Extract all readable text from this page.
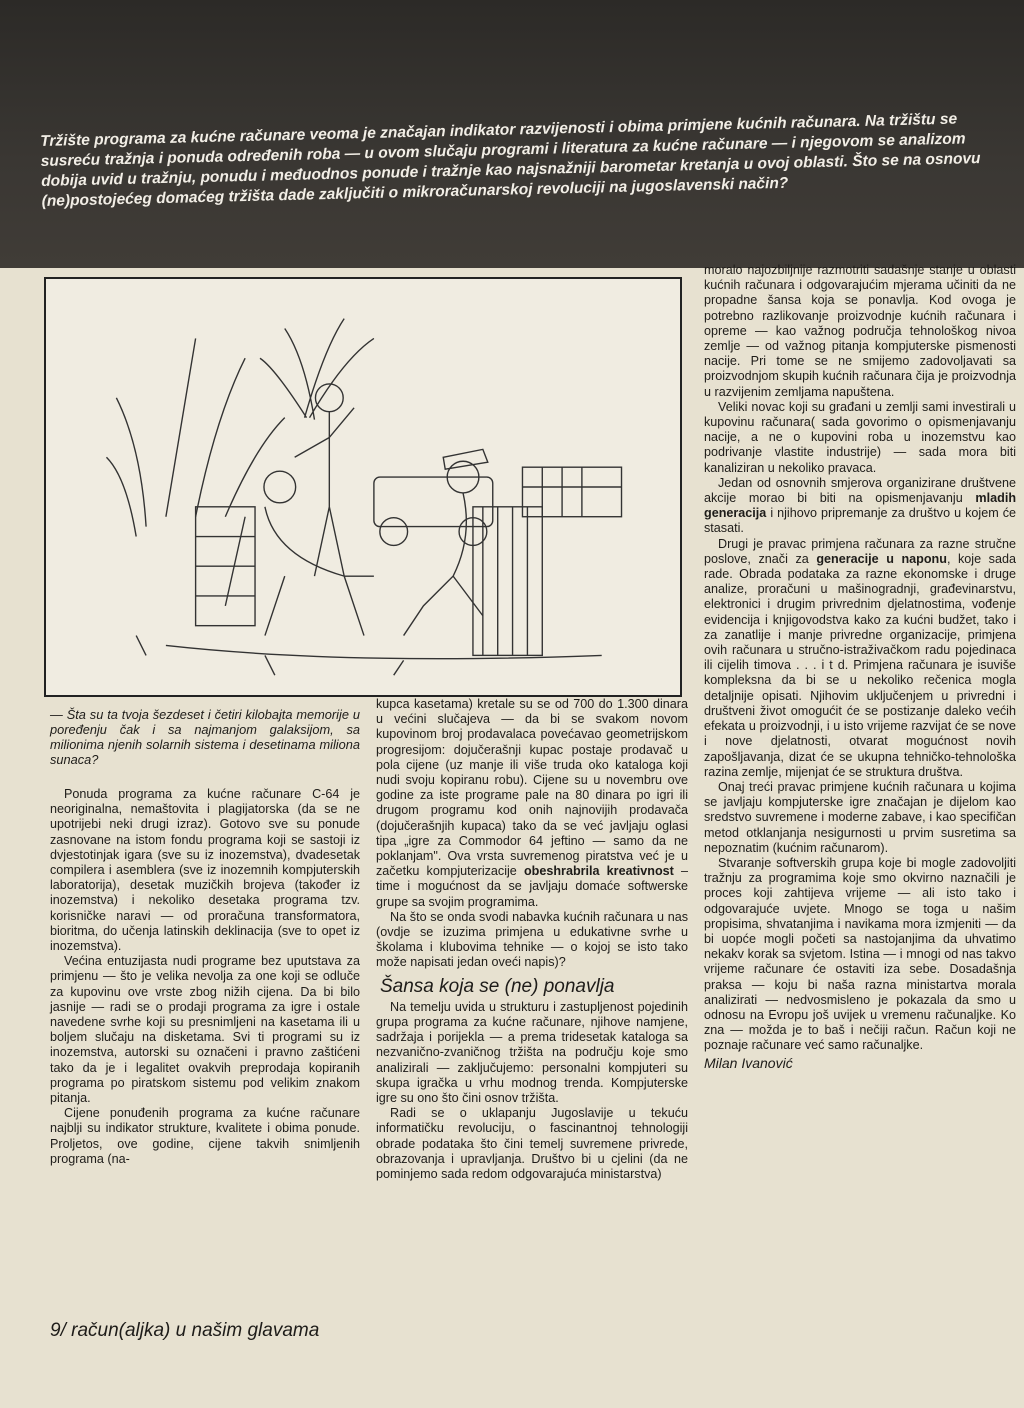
Tržište programa za kućne računare veoma je značajan indikator razvijenosti i obima primjene kućnih računara. Na tržištu se susreću tražnja i ponuda određenih roba — u ovom slučaju programi i literatura za kućne računare — i njegovom se analizom dobija uvid u tražnju, ponudu i međuodnos ponude i tražnje kao najsnažniji barometar kretanja u ovoj oblasti. Što se na osnovu (ne)postojećeg domaćeg tržišta dade zaključiti o mikroračunarskoj revoluciji na jugoslavenski način?

— Šta su ta tvoja šezdeset i četiri kilobajta memorije u poređenju čak i sa najmanjom galaksijom, sa milionima njenih solarnih sistema i desetinama miliona sunaca?

Ponuda programa za kućne računare C-64 je neoriginalna, nemaštovita i plagijatorska (da se ne upotrijebi neki drugi izraz). Gotovo sve su ponude zasnovane na istom fondu programa koji se sastoji iz dvjestotinjak igara (sve su iz inozemstva), dvadesetak compilera i asemblera (sve iz inozemnih kompjuterskih laboratorija), desetak muzičkih brojeva (također iz inozemstva) i nekoliko desetaka programa tzv. korisničke naravi — od proračuna transformatora, bioritma, do učenja latinskih deklinacija (sve to opet iz inozemstva).

Većina entuzijasta nudi programe bez uputstava za primjenu — što je velika nevolja za one koji se odluče za kupovinu ove vrste zbog nižih cijena. Da bi bilo jasnije — radi se o prodaji programa za igre i ostale navedene svrhe koji su presnimljeni na kasetama ili u boljem slučaju na disketama. Svi ti programi su iz inozemstva, autorski su označeni i pravno zaštićeni tako da je i legalitet ovakvih preprodaja kopiranih programa po piratskom sistemu pod velikim znakom pitanja.

Cijene ponuđenih programa za kućne računare najblji su indikator strukture, kvalitete i obima ponude. Proljetos, ove godine, cijene takvih snimljenih programa (na-

kupca kasetama) kretale su se od 700 do 1.300 dinara u većini slučajeva — da bi se svakom novom kupovinom broj prodavalaca povećavao geometrijskom progresijom: dojučerašnji kupac postaje prodavač u pola cijene (uz manje ili više truda oko kataloga koji nudi svoju kopiranu robu). Cijene su u novembru ove godine za iste programe pale na 80 dinara po igri ili drugom programu kod onih najnovijih prodavača (dojučerašnjih kupaca) tako da se već javljaju oglasi tipa „igre za Commodor 64 jeftino — samo da ne poklanjam". Ova vrsta suvremenog piratstva već je u začetku kompjuterizacije obeshrabrila kreativnost – time i mogućnost da se javljaju domaće softwerske grupe sa svojim programima.

Na što se onda svodi nabavka kućnih računara u nas (ovdje se izuzima primjena u edukativne svrhe u školama i klubovima tehnike — o kojoj se isto tako može napisati jedan oveći napis)?

Šansa koja se (ne) ponavlja

Na temelju uvida u strukturu i zastupljenost pojedinih grupa programa za kućne računare, njihove namjene, sadržaja i porijekla — a prema tridesetak kataloga sa nezvanično-zvaničnog tržišta na području koje smo analizirali — zaključujemo: personalni kompjuteri su skupa igračka u vrhu modnog trenda. Kompjuterske igre su ono što čini osnov tržišta.

Radi se o uklapanju Jugoslavije u tekuću informatičku revoluciju, o fascinantnoj tehnologiji obrade podataka što čini temelj suvremene privrede, obrazovanja i upravljanja. Društvo bi u cjelini (da ne pominjemo sada redom odgovarajuća ministarstva)

moralo najozbiljnije razmotriti sadašnje stanje u oblasti kućnih računara i odgovarajućim mjerama učiniti da ne propadne šansa koja se ponavlja. Kod ovoga je potrebno razlikovanje proizvodnje kućnih računara i opreme — kao važnog područja tehnološkog nivoa zemlje — od važnog pitanja kompjuterske pismenosti nacije. Pri tome se ne smijemo zadovoljavati sa proizvodnjom skupih kućnih računara čija je proizvodnja u razvijenim zemljama napuštena.

Veliki novac koji su građani u zemlji sami investirali u kupovinu računara( sada govorimo o opismenjavanju nacije, a ne o kupovini roba u inozemstvu kao podrivanje vlastite industrije) — sada mora biti kanaliziran u nekoliko pravaca.

Jedan od osnovnih smjerova organizirane društvene akcije morao bi biti na opismenjavanju mladih generacija i njihovo pripremanje za društvo u kojem će stasati.

Drugi je pravac primjena računara za razne stručne poslove, znači za generacije u naponu, koje sada rade. Obrada podataka za razne ekonomske i druge analize, proračuni u mašinogradnji, građevinarstvu, elektronici i drugim privrednim djelatnostima, vođenje evidencija i knjigovodstva kako za kućni budžet, tako i za zanatlije i manje privredne organizacije, primjena ovih računara u stručno-istraživačkom radu pojedinaca ili cijelih timova . . . i t d. Primjena računara je isuviše kompleksna da bi se u nekoliko rečenica mogla detaljnije opisati. Njihovim uključenjem u privredni i društveni život omogućit će se postizanje daleko većih efekata u proizvodnji, i u isto vrijeme razvijat će se nove i nove djelatnosti, otvarat mogućnost novih zapošljavanja, dizat će se ukupna tehničko-tehnološka razina zemlje, mijenjat će se struktura društva.

Onaj treći pravac primjene kućnih računara u kojima se javljaju kompjuterske igre značajan je dijelom kao sredstvo suvremene i moderne zabave, i kao specifičan metod otklanjanja nesigurnosti u prvim susretima sa nepoznatim (kućnim računarom).

Stvaranje softverskih grupa koje bi mogle zadovoljiti tražnju za programima koje smo okvirno naznačili je proces koji zahtijeva vrijeme — ali isto tako i odgovarajuće uvjete. Mnogo se toga u našim propisima, shvatanjima i navikama mora izmjeniti — da bi uopće mogli početi sa nastojanjima da uhvatimo nekakv korak sa svjetom. Istina — i mnogi od nas takvo vrijeme računare će ostaviti iza sebe. Dosadašnja praksa — koju bi naša razna ministartva morala analizirati — nedvosmisleno je pokazala da smo u odnosu na Evropu još uvijek u vremenu računaljke. Ko zna — možda je to baš i nečiji račun. Račun koji ne poznaje računare već samo računaljke.

Milan Ivanović
9/ račun(aljka) u našim glavama
